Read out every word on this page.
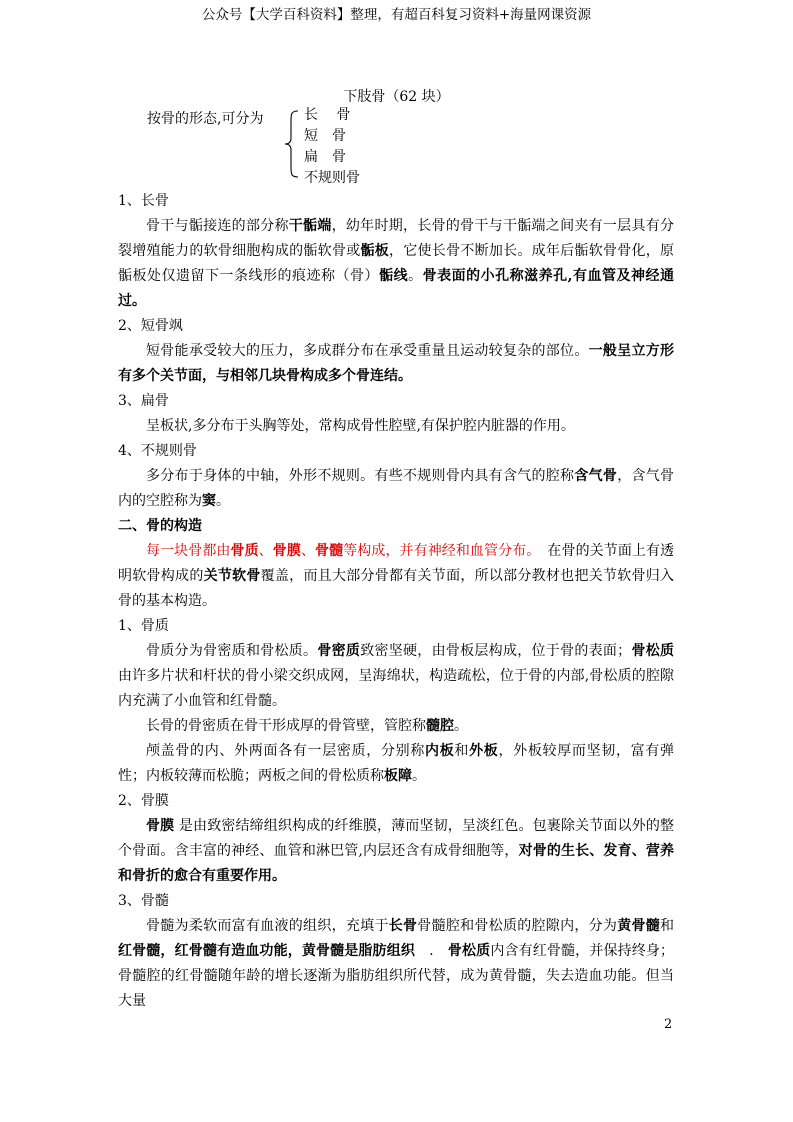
公众号【大学百科资料】整理，有超百科复习资料+海量网课资源
下肢骨（62 块）
按骨的形态,可分为	长　 骨
短　骨
扁　骨
不规则骨

1、长骨

骨干与骺接连的部分称干骺端，幼年时期，长骨的骨干与干骺端之间夹有一层具有分裂增殖能力的软骨细胞构成的骺软骨或骺板，它使长骨不断加长。成年后骺软骨骨化，原骺板处仅遗留下一条线形的痕迹称（骨）骺线。骨表面的小孔称滋养孔,有血管及神经通过。

2、短骨飒

短骨能承受较大的压力，多成群分布在承受重量且运动较复杂的部位。一般呈立方形有多个关节面，与相邻几块骨构成多个骨连结。

3、扁骨

呈板状,多分布于头胸等处，常构成骨性腔壁,有保护腔内脏器的作用。

4、不规则骨

多分布于身体的中轴，外形不规则。有些不规则骨内具有含气的腔称含气骨，含气骨内的空腔称为窦。

二、骨的构造

每一块骨都由骨质、骨膜、骨髓等构成，并有神经和血管分布。　在骨的关节面上有透明软骨构成的关节软骨覆盖，而且大部分骨都有关节面，所以部分教材也把关节软骨归入骨的基本构造。

1、骨质

骨质分为骨密质和骨松质。骨密质致密坚硬，由骨板层构成，位于骨的表面；骨松质由许多片状和杆状的骨小梁交织成网，呈海绵状，构造疏松，位于骨的内部,骨松质的腔隙内充满了小血管和红骨髓。

长骨的骨密质在骨干形成厚的骨管壁，管腔称髓腔。

颅盖骨的内、外两面各有一层密质，分别称内板和外板，外板较厚而坚韧，富有弹性；内板较薄而松脆；两板之间的骨松质称板障。

2、骨膜

骨膜 是由致密结缔组织构成的纤维膜，薄而坚韧，呈淡红色。包裹除关节面以外的整个骨面。含丰富的神经、血管和淋巴管,内层还含有成骨细胞等，对骨的生长、发育、营养和骨折的愈合有重要作用。

3、骨髓

骨髓为柔软而富有血液的组织，充填于长骨骨髓腔和骨松质的腔隙内，分为黄骨髓和红骨髓，红骨髓有造血功能，黄骨髓是脂肪组织　.　骨松质内含有红骨髓，并保持终身；骨髓腔的红骨髓随年龄的增长逐渐为脂肪组织所代替，成为黄骨髓，失去造血功能。但当大量

2
